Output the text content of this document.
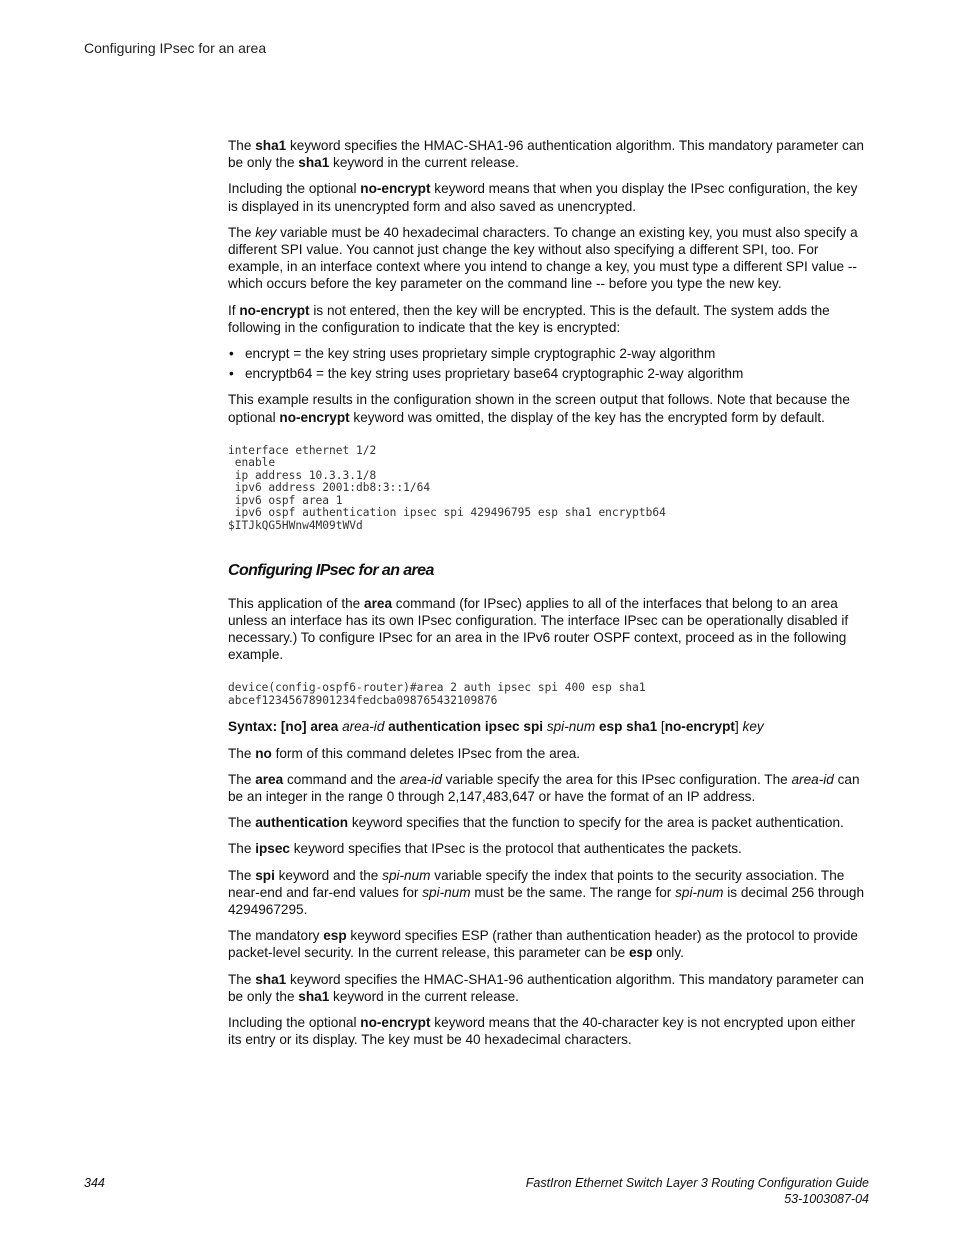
Configuring IPsec for an area

The sha1 keyword specifies the HMAC-SHA1-96 authentication algorithm. This mandatory parameter can be only the sha1 keyword in the current release.

Including the optional no-encrypt keyword means that when you display the IPsec configuration, the key is displayed in its unencrypted form and also saved as unencrypted.

The key variable must be 40 hexadecimal characters. To change an existing key, you must also specify a different SPI value. You cannot just change the key without also specifying a different SPI, too. For example, in an interface context where you intend to change a key, you must type a different SPI value -- which occurs before the key parameter on the command line -- before you type the new key.

If no-encrypt is not entered, then the key will be encrypted. This is the default. The system adds the following in the configuration to indicate that the key is encrypted:

• encrypt = the key string uses proprietary simple cryptographic 2-way algorithm
• encryptb64 = the key string uses proprietary base64 cryptographic 2-way algorithm

This example results in the configuration shown in the screen output that follows. Note that because the optional no-encrypt keyword was omitted, the display of the key has the encrypted form by default.

interface ethernet 1/2
enable
ip address 10.3.3.1/8
ipv6 address 2001:db8:3::1/64
ipv6 ospf area 1
ipv6 ospf authentication ipsec spi 429496795 esp sha1 encryptb64
$ITJkQG5HWnw4M09tWVd
Configuring IPsec for an area

This application of the area command (for IPsec) applies to all of the interfaces that belong to an area unless an interface has its own IPsec configuration. The interface IPsec can be operationally disabled if necessary.) To configure IPsec for an area in the IPv6 router OSPF context, proceed as in the following example.

device(config-ospf6-router)#area 2 auth ipsec spi 400 esp sha1
abcef12345678901234fedcba098765432109876

Syntax: [no] area area-id authentication ipsec spi spi-num esp sha1 [no-encrypt] key

The no form of this command deletes IPsec from the area.

The area command and the area-id variable specify the area for this IPsec configuration. The area-id can be an integer in the range 0 through 2,147,483,647 or have the format of an IP address.

The authentication keyword specifies that the function to specify for the area is packet authentication.

The ipsec keyword specifies that IPsec is the protocol that authenticates the packets.

The spi keyword and the spi-num variable specify the index that points to the security association. The near-end and far-end values for spi-num must be the same. The range for spi-num is decimal 256 through 4294967295.

The mandatory esp keyword specifies ESP (rather than authentication header) as the protocol to provide packet-level security. In the current release, this parameter can be esp only.

The sha1 keyword specifies the HMAC-SHA1-96 authentication algorithm. This mandatory parameter can be only the sha1 keyword in the current release.

Including the optional no-encrypt keyword means that the 40-character key is not encrypted upon either its entry or its display. The key must be 40 hexadecimal characters.

344	FastIron Ethernet Switch Layer 3 Routing Configuration Guide
53-1003087-04
